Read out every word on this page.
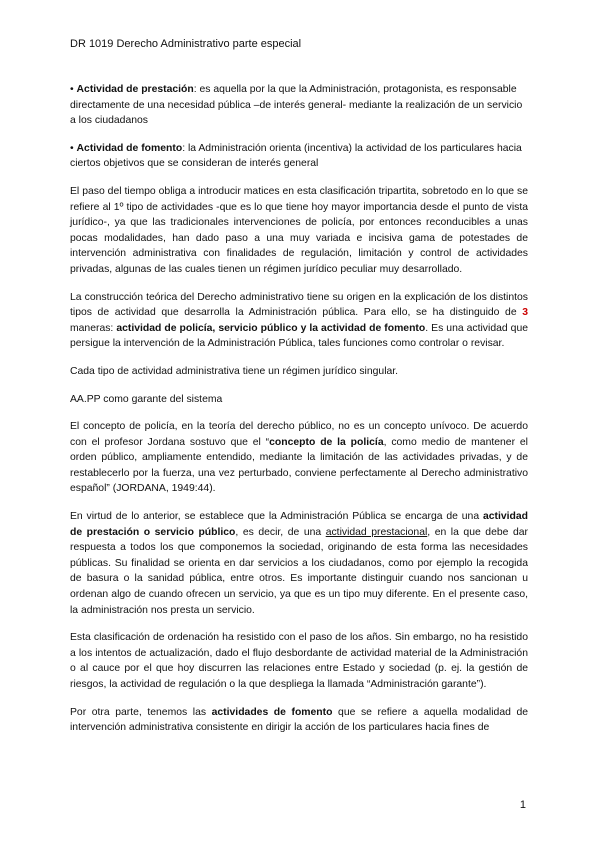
DR 1019 Derecho Administrativo parte especial

• Actividad de prestación: es aquella por la que la Administración, protagonista, es responsable directamente de una necesidad pública –de interés general- mediante la realización de un servicio a los ciudadanos

• Actividad de fomento: la Administración orienta (incentiva) la actividad de los particulares hacia ciertos objetivos que se consideran de interés general

El paso del tiempo obliga a introducir matices en esta clasificación tripartita, sobretodo en lo que se refiere al 1º tipo de actividades -que es lo que tiene hoy mayor importancia desde el punto de vista jurídico-, ya que las tradicionales intervenciones de policía, por entonces reconducibles a unas pocas modalidades, han dado paso a una muy variada e incisiva gama de potestades de intervención administrativa con finalidades de regulación, limitación y control de actividades privadas, algunas de las cuales tienen un régimen jurídico peculiar muy desarrollado.

La construcción teórica del Derecho administrativo tiene su origen en la explicación de los distintos tipos de actividad que desarrolla la Administración pública. Para ello, se ha distinguido de 3 maneras: actividad de policía, servicio público y la actividad de fomento. Es una actividad que persigue la intervención de la Administración Pública, tales funciones como controlar o revisar.

Cada tipo de actividad administrativa tiene un régimen jurídico singular.

AA.PP como garante del sistema

El concepto de policía, en la teoría del derecho público, no es un concepto unívoco. De acuerdo con el profesor Jordana sostuvo que el “concepto de la policía, como medio de mantener el orden público, ampliamente entendido, mediante la limitación de las actividades privadas, y de restablecerlo por la fuerza, una vez perturbado, conviene perfectamente al Derecho administrativo español” (JORDANA, 1949:44).

En virtud de lo anterior, se establece que la Administración Pública se encarga de una actividad de prestación o servicio público, es decir, de una actividad prestacional, en la que debe dar respuesta a todos los que componemos la sociedad, originando de esta forma las necesidades públicas. Su finalidad se orienta en dar servicios a los ciudadanos, como por ejemplo la recogida de basura o la sanidad pública, entre otros. Es importante distinguir cuando nos sancionan u ordenan algo de cuando ofrecen un servicio, ya que es un tipo muy diferente. En el presente caso, la administración nos presta un servicio.

Esta clasificación de ordenación ha resistido con el paso de los años. Sin embargo, no ha resistido a los intentos de actualización, dado el flujo desbordante de actividad material de la Administración o al cauce por el que hoy discurren las relaciones entre Estado y sociedad (p. ej. la gestión de riesgos, la actividad de regulación o la que despliega la llamada “Administración garante”).

Por otra parte, tenemos las actividades de fomento que se refiere a aquella modalidad de intervención administrativa consistente en dirigir la acción de los particulares hacia fines de

1
